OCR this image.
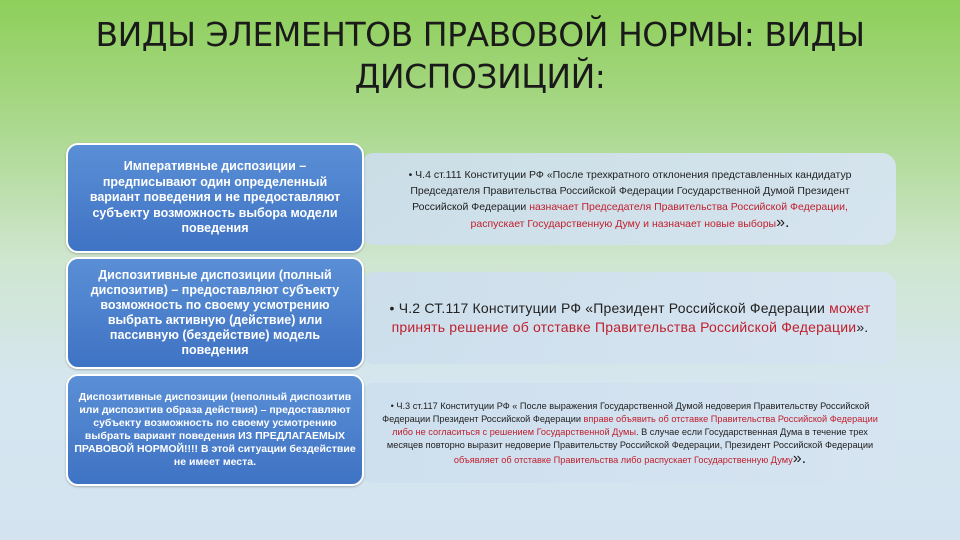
ВИДЫ ЭЛЕМЕНТОВ ПРАВОВОЙ НОРМЫ: ВИДЫ
ДИСПОЗИЦИЙ:
• Ч.4 ст.111 Конституции РФ «После трехкратного отклонения представленных кандидатур Председателя Правительства Российской Федерации Государственной Думой Президент Российской Федерации назначает Председателя Правительства Российской Федерации, распускает Государственную Думу и назначает новые выборы».
Императивные диспозиции – предписывают один определенный вариант поведения и не предоставляют субъекту возможность выбора модели поведения
• Ч.2 СТ.117 Конституции РФ «Президент Российской Федерации может принять решение об отставке Правительства Российской Федерации».
Диспозитивные диспозиции (полный диспозитив) – предоставляют субъекту возможность по своему усмотрению выбрать активную (действие) или пассивную (бездействие) модель поведения
• Ч.3 ст.117 Конституции РФ « После выражения Государственной Думой недоверия Правительству Российской Федерации Президент Российской Федерации вправе объявить об отставке Правительства Российской Федерации либо не согласиться с решением Государственной Думы. В случае если Государственная Дума в течение трех месяцев повторно выразит недоверие Правительству Российской Федерации, Президент Российской Федерации объявляет об отставке Правительства либо распускает Государственную Думу».
Диспозитивные диспозиции (неполный диспозитив или диспозитив образа действия) – предоставляют субъекту возможность по своему усмотрению выбрать вариант поведения ИЗ ПРЕДЛАГАЕМЫХ ПРАВОВОЙ НОРМОЙ!!!! В этой ситуации бездействие не имеет места.
